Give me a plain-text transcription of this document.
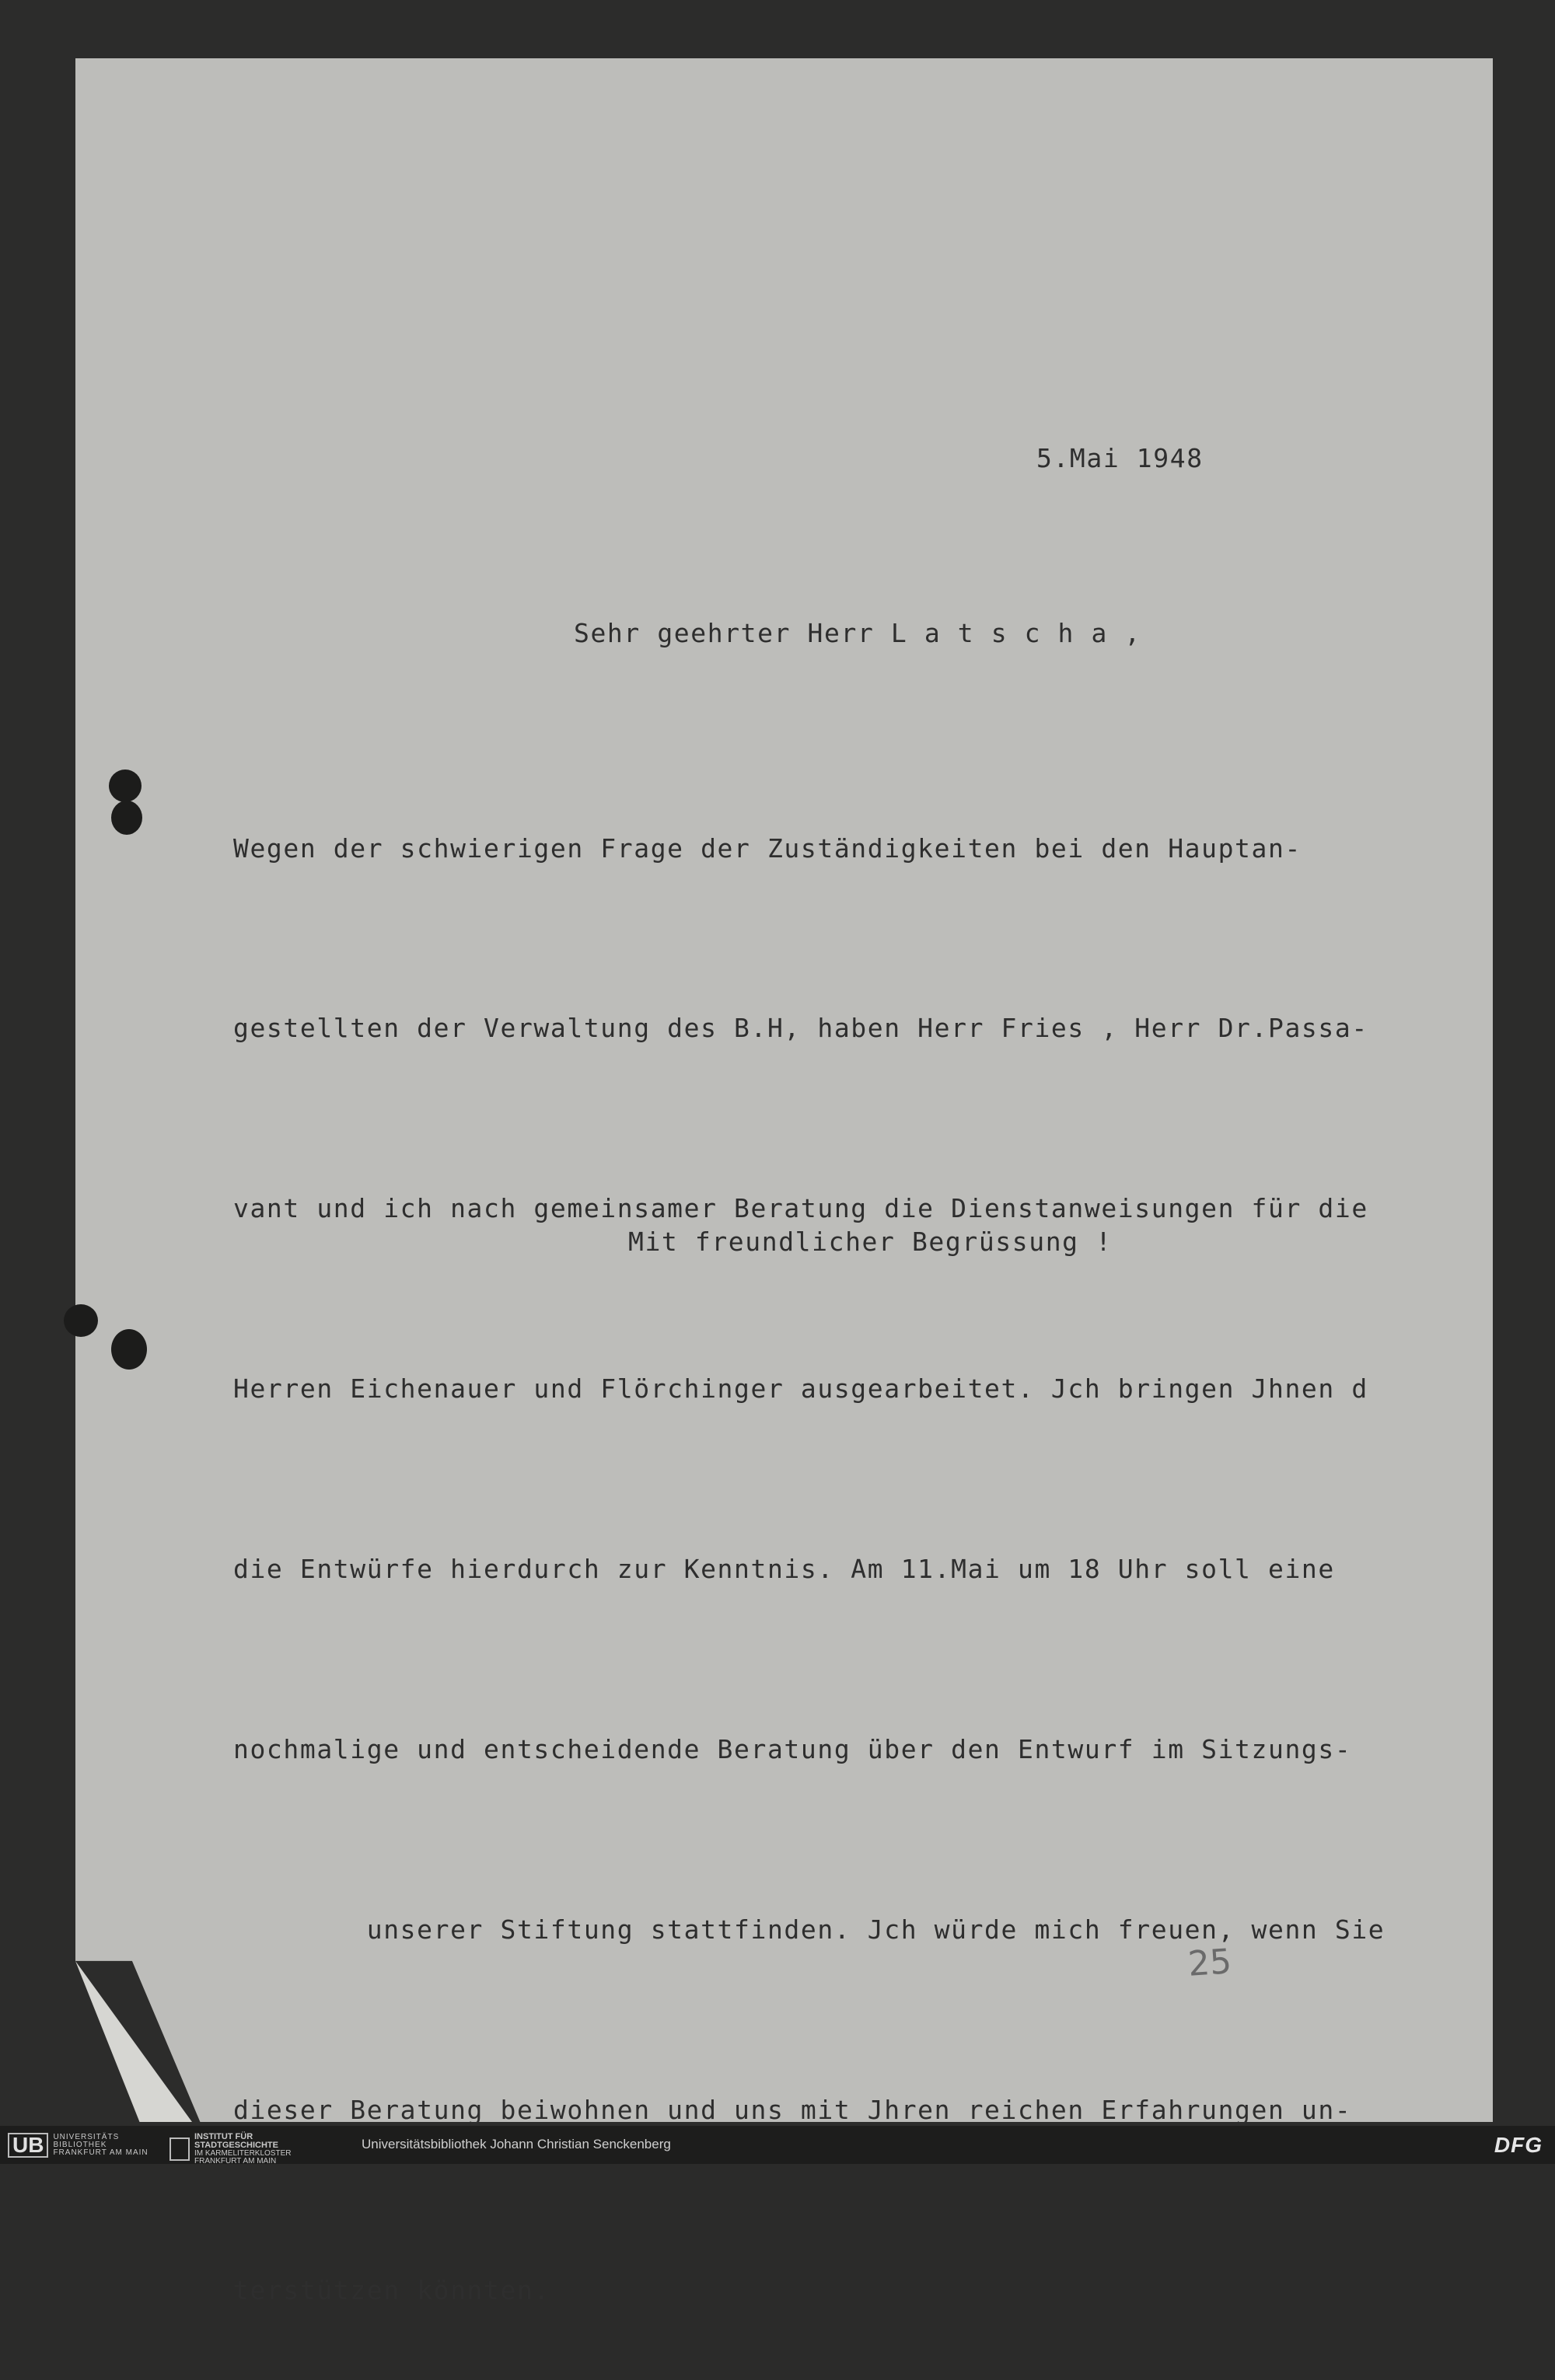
5.Mai 1948

Sehr geehrter Herr L a t s c h a ,

Wegen der schwierigen Frage der Zuständigkeiten bei den Hauptan-

gestellten der Verwaltung des B.H, haben Herr Fries , Herr Dr.Passa-

vant und ich nach gemeinsamer Beratung die Dienstanweisungen für die

Herren Eichenauer und Flörchinger ausgearbeitet. Jch bringen Jhnen d

die Entwürfe hierdurch zur Kenntnis. Am 11.Mai um 18 Uhr soll eine

nochmalige und entscheidende Beratung über den Entwurf im Sitzungs-

unserer Stiftung stattfinden. Jch würde mich freuen, wenn Sie

dieser Beratung beiwohnen und uns mit Jhren reichen Erfahrungen un-

terstützen könnten.

Mit freundlicher Begrüssung !

25
UB	UNIVERSITÄTS
BIBLIOTHEK
FRANKFURT AM MAIN
INSTITUT FÜR
STADTGESCHICHTE
IM KARMELITERKLOSTER
FRANKFURT AM MAIN
Universitätsbibliothek Johann Christian Senckenberg	DFG
